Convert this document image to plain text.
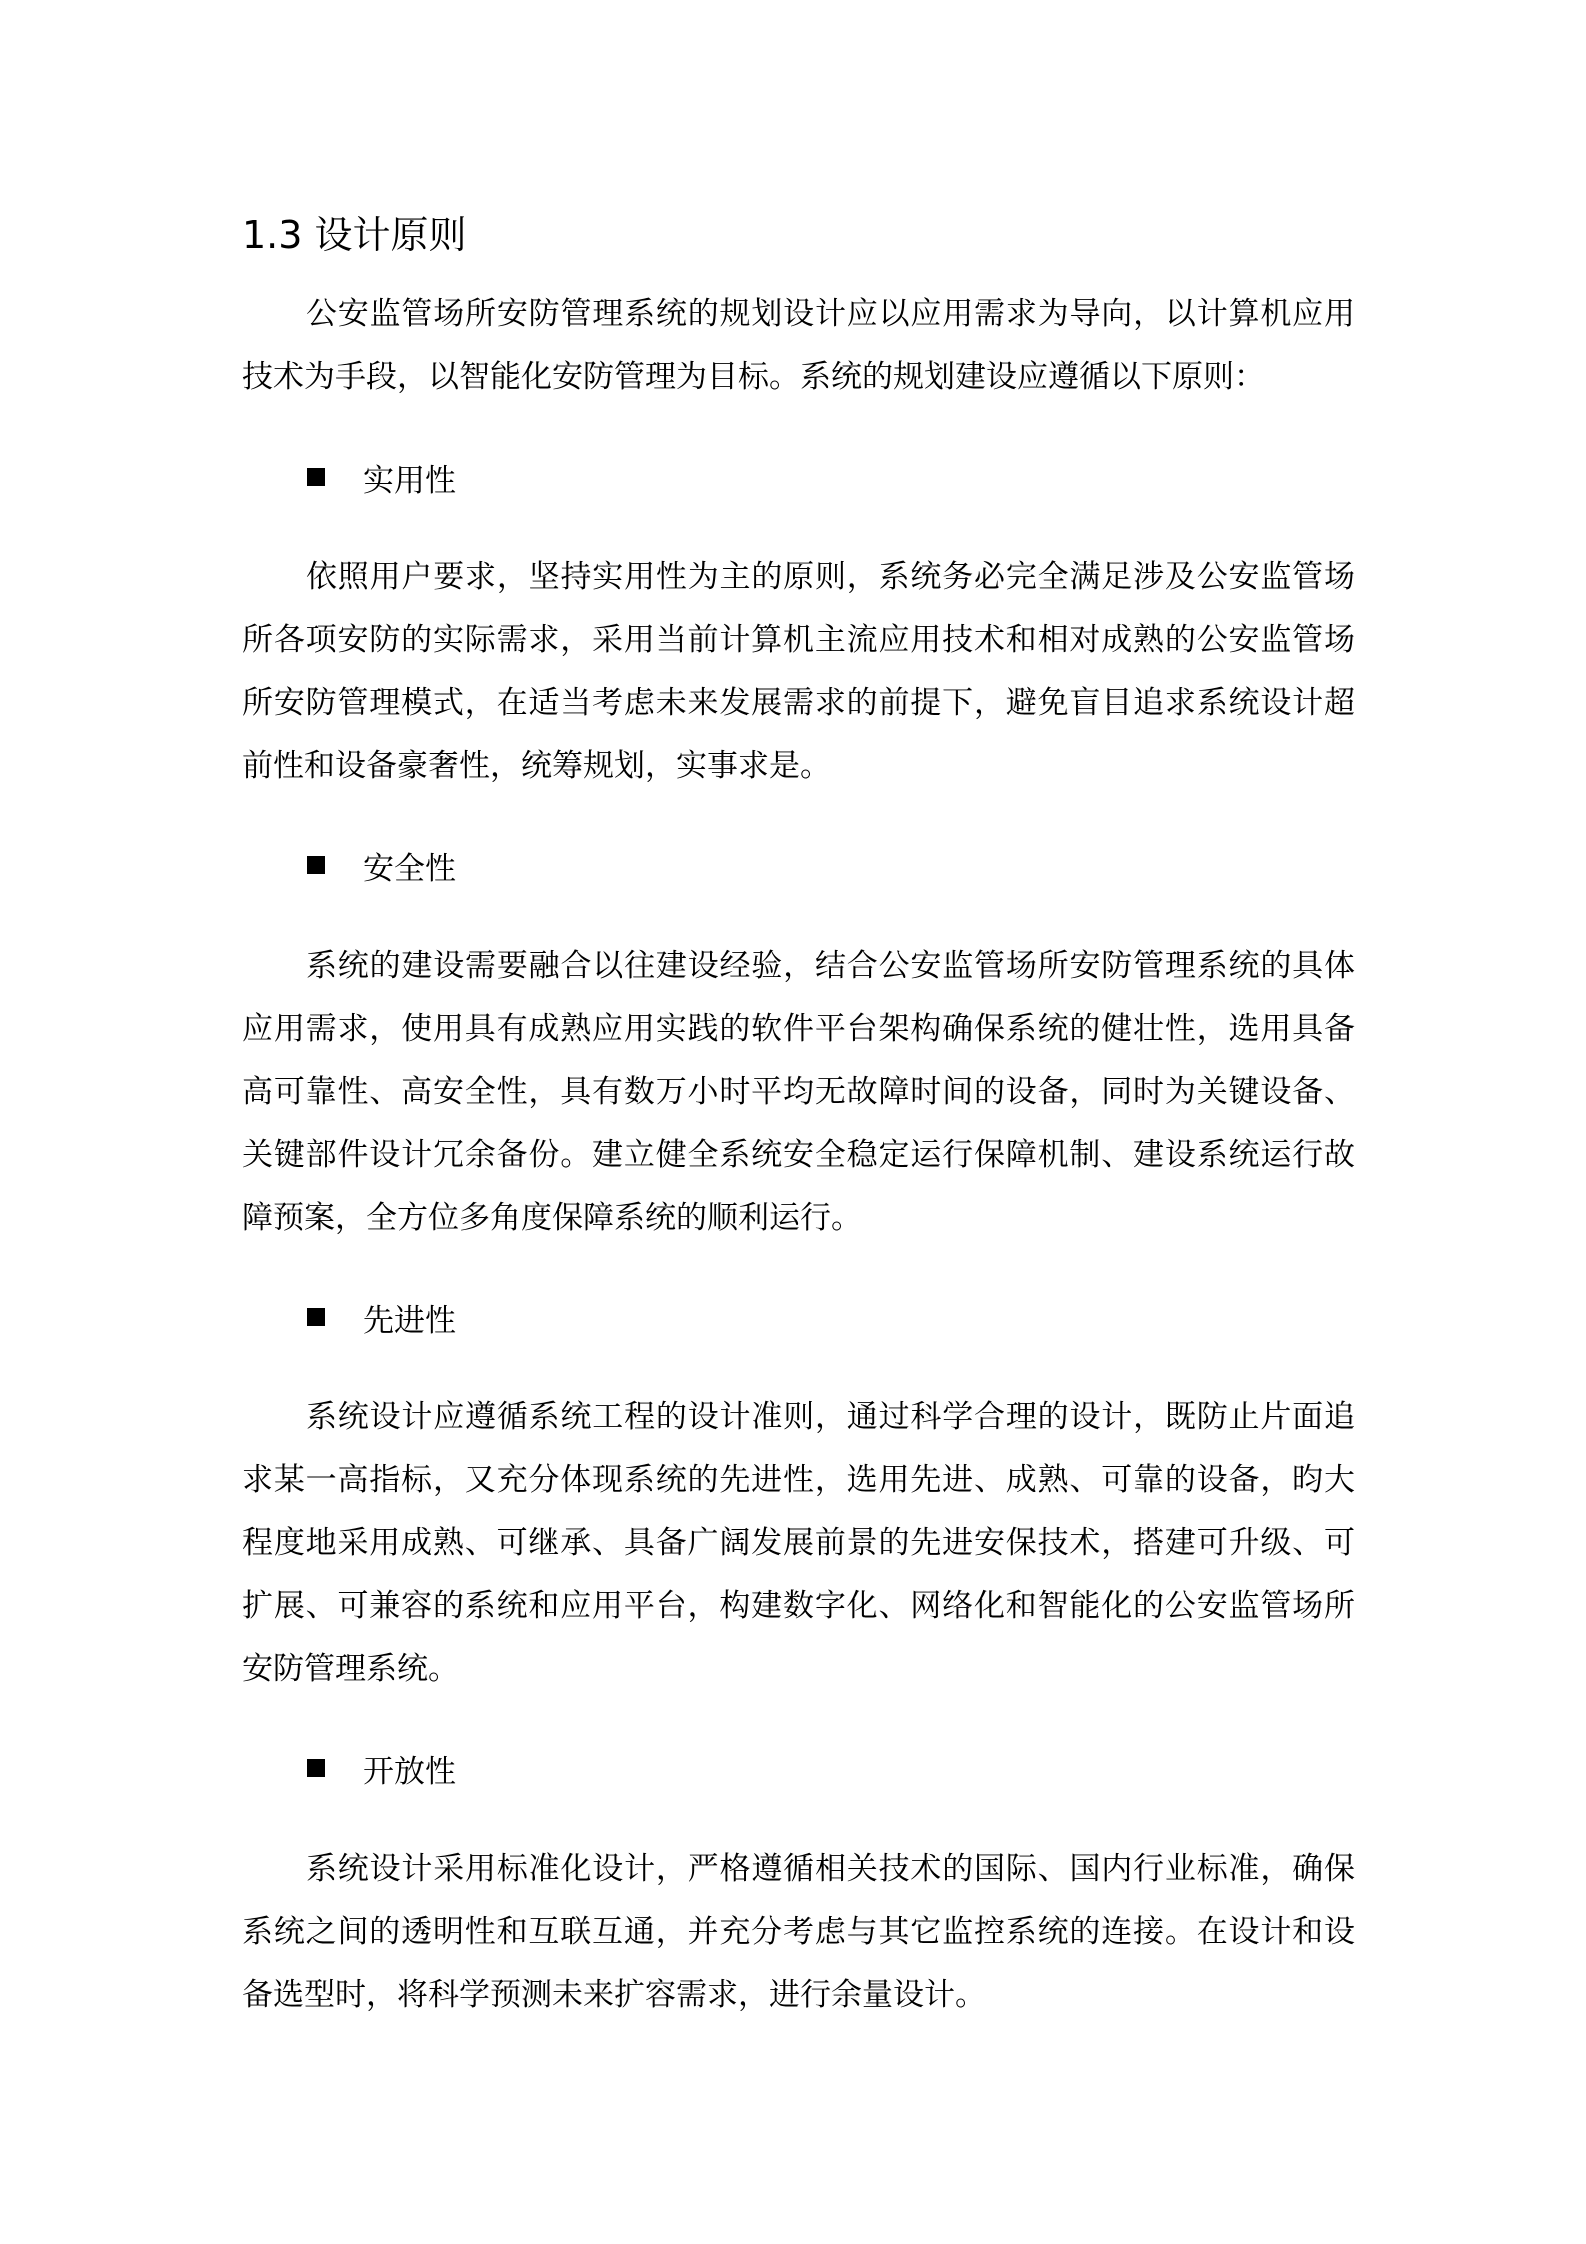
1.3 设计原则
公安监管场所安防管理系统的规划设计应以应用需求为导向，以计算机应用
技术为手段，以智能化安防管理为目标。系统的规划建设应遵循以下原则：
实用性
依照用户要求，坚持实用性为主的原则，系统务必完全满足涉及公安监管场
所各项安防的实际需求，采用当前计算机主流应用技术和相对成熟的公安监管场
所安防管理模式，在适当考虑未来发展需求的前提下，避免盲目追求系统设计超
前性和设备豪奢性，统筹规划，实事求是。
安全性
系统的建设需要融合以往建设经验，结合公安监管场所安防管理系统的具体
应用需求，使用具有成熟应用实践的软件平台架构确保系统的健壮性，选用具备
高可靠性、高安全性，具有数万小时平均无故障时间的设备，同时为关键设备、
关键部件设计冗余备份。建立健全系统安全稳定运行保障机制、建设系统运行故
障预案，全方位多角度保障系统的顺利运行。
先进性
系统设计应遵循系统工程的设计准则，通过科学合理的设计，既防止片面追
求某一高指标，又充分体现系统的先进性，选用先进、成熟、可靠的设备，昀大
程度地采用成熟、可继承、具备广阔发展前景的先进安保技术，搭建可升级、可
扩展、可兼容的系统和应用平台，构建数字化、网络化和智能化的公安监管场所
安防管理系统。
开放性
系统设计采用标准化设计，严格遵循相关技术的国际、国内行业标准，确保
系统之间的透明性和互联互通，并充分考虑与其它监控系统的连接。在设计和设
备选型时，将科学预测未来扩容需求，进行余量设计。
